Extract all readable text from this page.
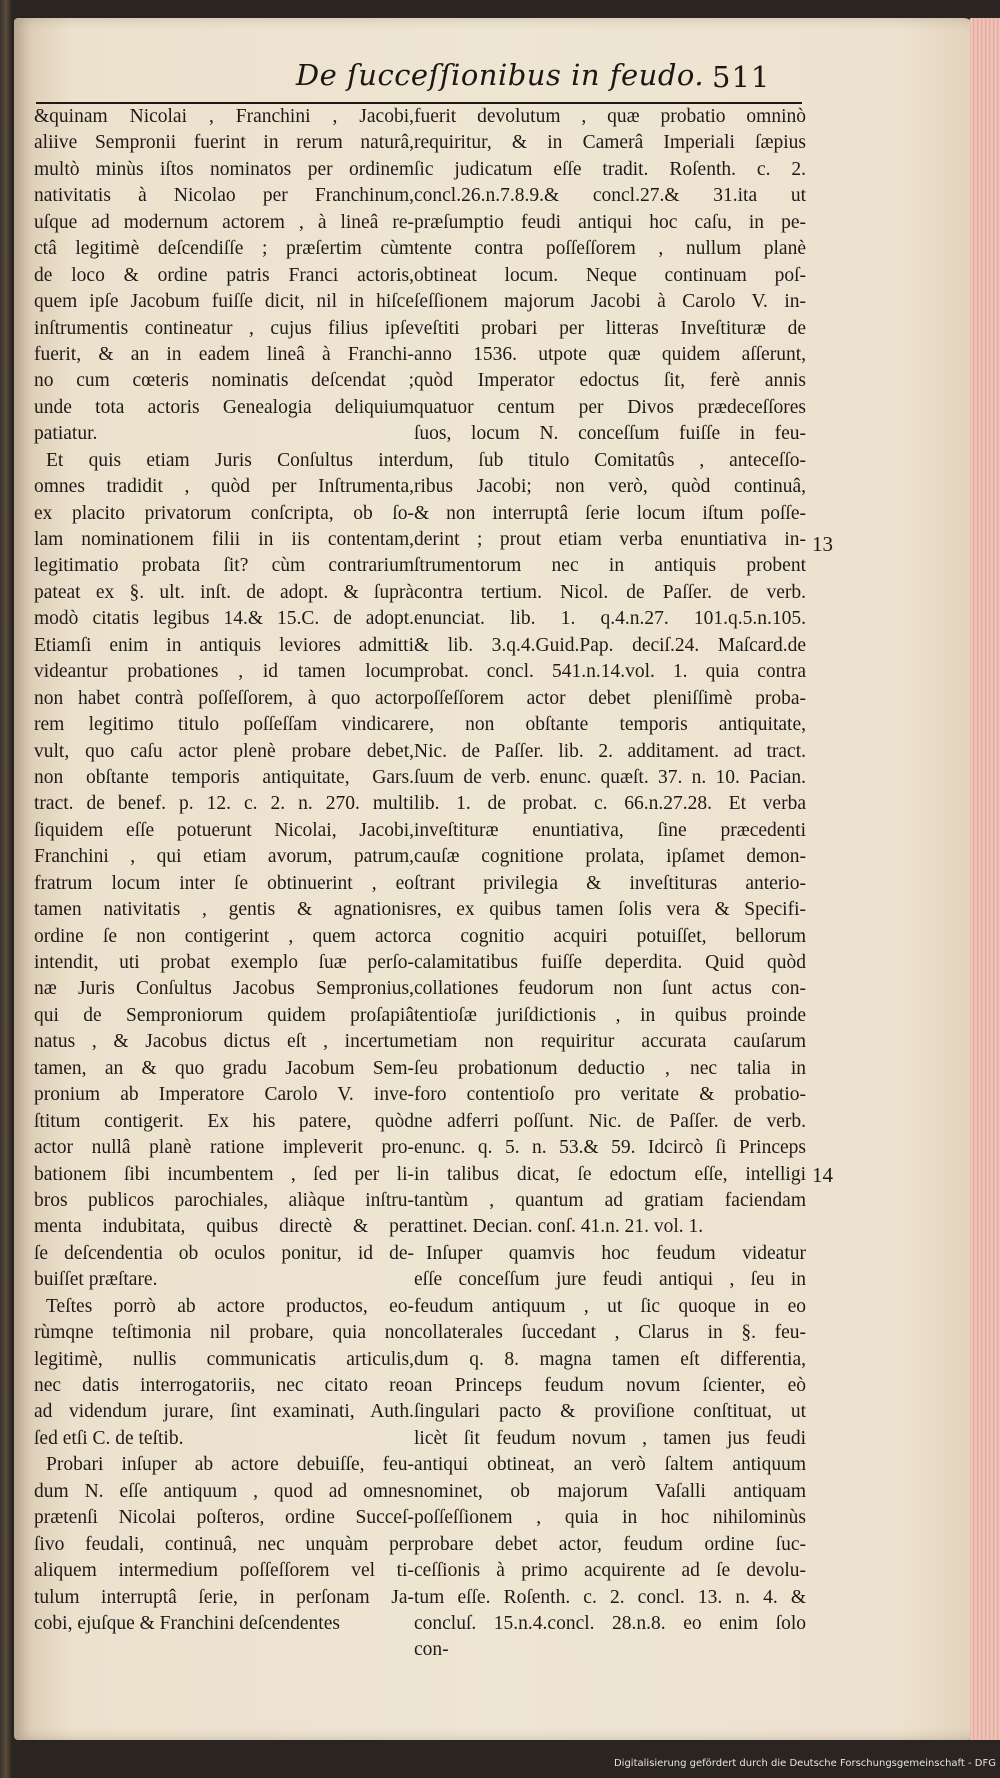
De ſucceſſionibus in feudo. 511
&quinam Nicolai , Franchini , Jacobi,
aliive Sempronii fuerint in rerum naturâ,
multò minùs iſtos nominatos per ordinem
nativitatis à Nicolao per Franchinum,
uſque ad modernum actorem , à lineâ re-
ctâ legitimè deſcendiſſe ; præſertim cùm
de loco & ordine patris Franci actoris,
quem ipſe Jacobum fuiſſe dicit, nil in hiſce
inſtrumentis contineatur , cujus filius ipſe
fuerit, & an in eadem lineâ à Franchi-
no cum cœteris nominatis deſcendat ;
unde tota actoris Genealogia deliquium
patiatur.
Et quis etiam Juris Conſultus inter
omnes tradidit , quòd per Inſtrumenta,
ex placito privatorum conſcripta, ob ſo-
lam nominationem filii in iis contentam,
legitimatio probata ſit? cùm contrarium
pateat ex §. ult. inſt. de adopt. & ſuprà
modò citatis legibus 14.& 15.C. de adopt.
Etiamſi enim in antiquis leviores admitti
videantur probationes , id tamen locum
non habet contrà poſſeſſorem, à quo actor
rem legitimo titulo poſſeſſam vindicare
vult, quo caſu actor plenè probare debet,
non obſtante temporis antiquitate, Gars.
tract. de benef. p. 12. c. 2. n. 270. multi
ſiquidem eſſe potuerunt Nicolai, Jacobi,
Franchini , qui etiam avorum, patrum,
fratrum locum inter ſe obtinuerint , eo
tamen nativitatis , gentis & agnationis
ordine ſe non contigerint , quem actor
intendit, uti probat exemplo ſuæ perſo-
næ Juris Conſultus Jacobus Sempronius,
qui de Semproniorum quidem proſapiâ
natus , & Jacobus dictus eſt , incertum
tamen, an & quo gradu Jacobum Sem-
pronium ab Imperatore Carolo V. inve-
ſtitum contigerit. Ex his patere, quòd
actor nullâ planè ratione impleverit pro-
bationem ſibi incumbentem , ſed per li-
bros publicos parochiales, aliàque inſtru-
menta indubitata, quibus directè & per
ſe deſcendentia ob oculos ponitur, id de-
buiſſet præſtare.
Teſtes porrò ab actore productos, eo-
rùmqne teſtimonia nil probare, quia non
legitimè, nullis communicatis articulis,
nec datis interrogatoriis, nec citato reo
ad videndum jurare, ſint examinati, Auth.
ſed etſi C. de teſtib.
Probari inſuper ab actore debuiſſe, feu-
dum N. eſſe antiquum , quod ad omnes
prætenſi Nicolai poſteros, ordine Succeſ-
ſivo feudali, continuâ, nec unquàm per
aliquem intermedium poſſeſſorem vel ti-
tulum interruptâ ſerie, in perſonam Ja-
cobi, ejuſque & Franchini deſcendentes
fuerit devolutum , quæ probatio omninò
requiritur, & in Camerâ Imperiali ſæpius
ſic judicatum eſſe tradit. Roſenth. c. 2.
concl.26.n.7.8.9.& concl.27.& 31.ita ut
præſumptio feudi antiqui hoc caſu, in pe-
tente contra poſſeſſorem , nullum planè
obtineat locum. Neque continuam poſ-
ſeſſionem majorum Jacobi à Carolo V. in-
veſtiti probari per litteras Inveſtituræ de
anno 1536. utpote quæ quidem aſſerunt,
quòd Imperator edoctus ſit, ferè annis
quatuor centum per Divos prædeceſſores
ſuos, locum N. conceſſum fuiſſe in feu-
dum, ſub titulo Comitatûs , anteceſſo-
ribus Jacobi; non verò, quòd continuâ,
& non interruptâ ſerie locum iſtum poſſe-
derint ; prout etiam verba enuntiativa in-
ſtrumentorum nec in antiquis probent
contra tertium. Nicol. de Paſſer. de verb.
enunciat. lib. 1. q.4.n.27. 101.q.5.n.105.
& lib. 3.q.4.Guid.Pap. deciſ.24. Maſcard.de
probat. concl. 541.n.14.vol. 1. quia contra
poſſeſſorem actor debet pleniſſimè proba-
re, non obſtante temporis antiquitate,
Nic. de Paſſer. lib. 2. additament. ad tract.
ſuum de verb. enunc. quæſt. 37. n. 10. Pacian.
lib. 1. de probat. c. 66.n.27.28. Et verba
inveſtituræ enuntiativa, ſine præcedenti
cauſæ cognitione prolata, ipſamet demon-
ſtrant privilegia & inveſtituras anterio-
res, ex quibus tamen ſolis vera & Specifi-
ca cognitio acquiri potuiſſet, bellorum
calamitatibus fuiſſe deperdita. Quid quòd
collationes feudorum non ſunt actus con-
tentioſæ juriſdictionis , in quibus proinde
etiam non requiritur accurata cauſarum
ſeu probationum deductio , nec talia in
foro contentioſo pro veritate & probatio-
ne adferri poſſunt. Nic. de Paſſer. de verb.
enunc. q. 5. n. 53.& 59. Idcircò ſi Princeps
in talibus dicat, ſe edoctum eſſe, intelligi
tantùm , quantum ad gratiam faciendam
attinet. Decian. conſ. 41.n. 21. vol. 1.
Inſuper quamvis hoc feudum videatur
eſſe conceſſum jure feudi antiqui , ſeu in
feudum antiquum , ut ſic quoque in eo
collaterales ſuccedant , Clarus in §. feu-
dum q. 8. magna tamen eſt differentia,
an Princeps feudum novum ſcienter, eò
ſingulari pacto & proviſione conſtituat, ut
licèt ſit feudum novum , tamen jus feudi
antiqui obtineat, an verò ſaltem antiquum
nominet, ob majorum Vaſalli antiquam
poſſeſſionem , quia in hoc nihilominùs
probare debet actor, feudum ordine ſuc-
ceſſionis à primo acquirente ad ſe devolu-
tum eſſe. Roſenth. c. 2. concl. 13. n. 4. &
concluſ. 15.n.4.concl. 28.n.8. eo enim ſolo
con-
13
14
Digitalisierung gefördert durch die Deutsche Forschungsgemeinschaft - DFG
